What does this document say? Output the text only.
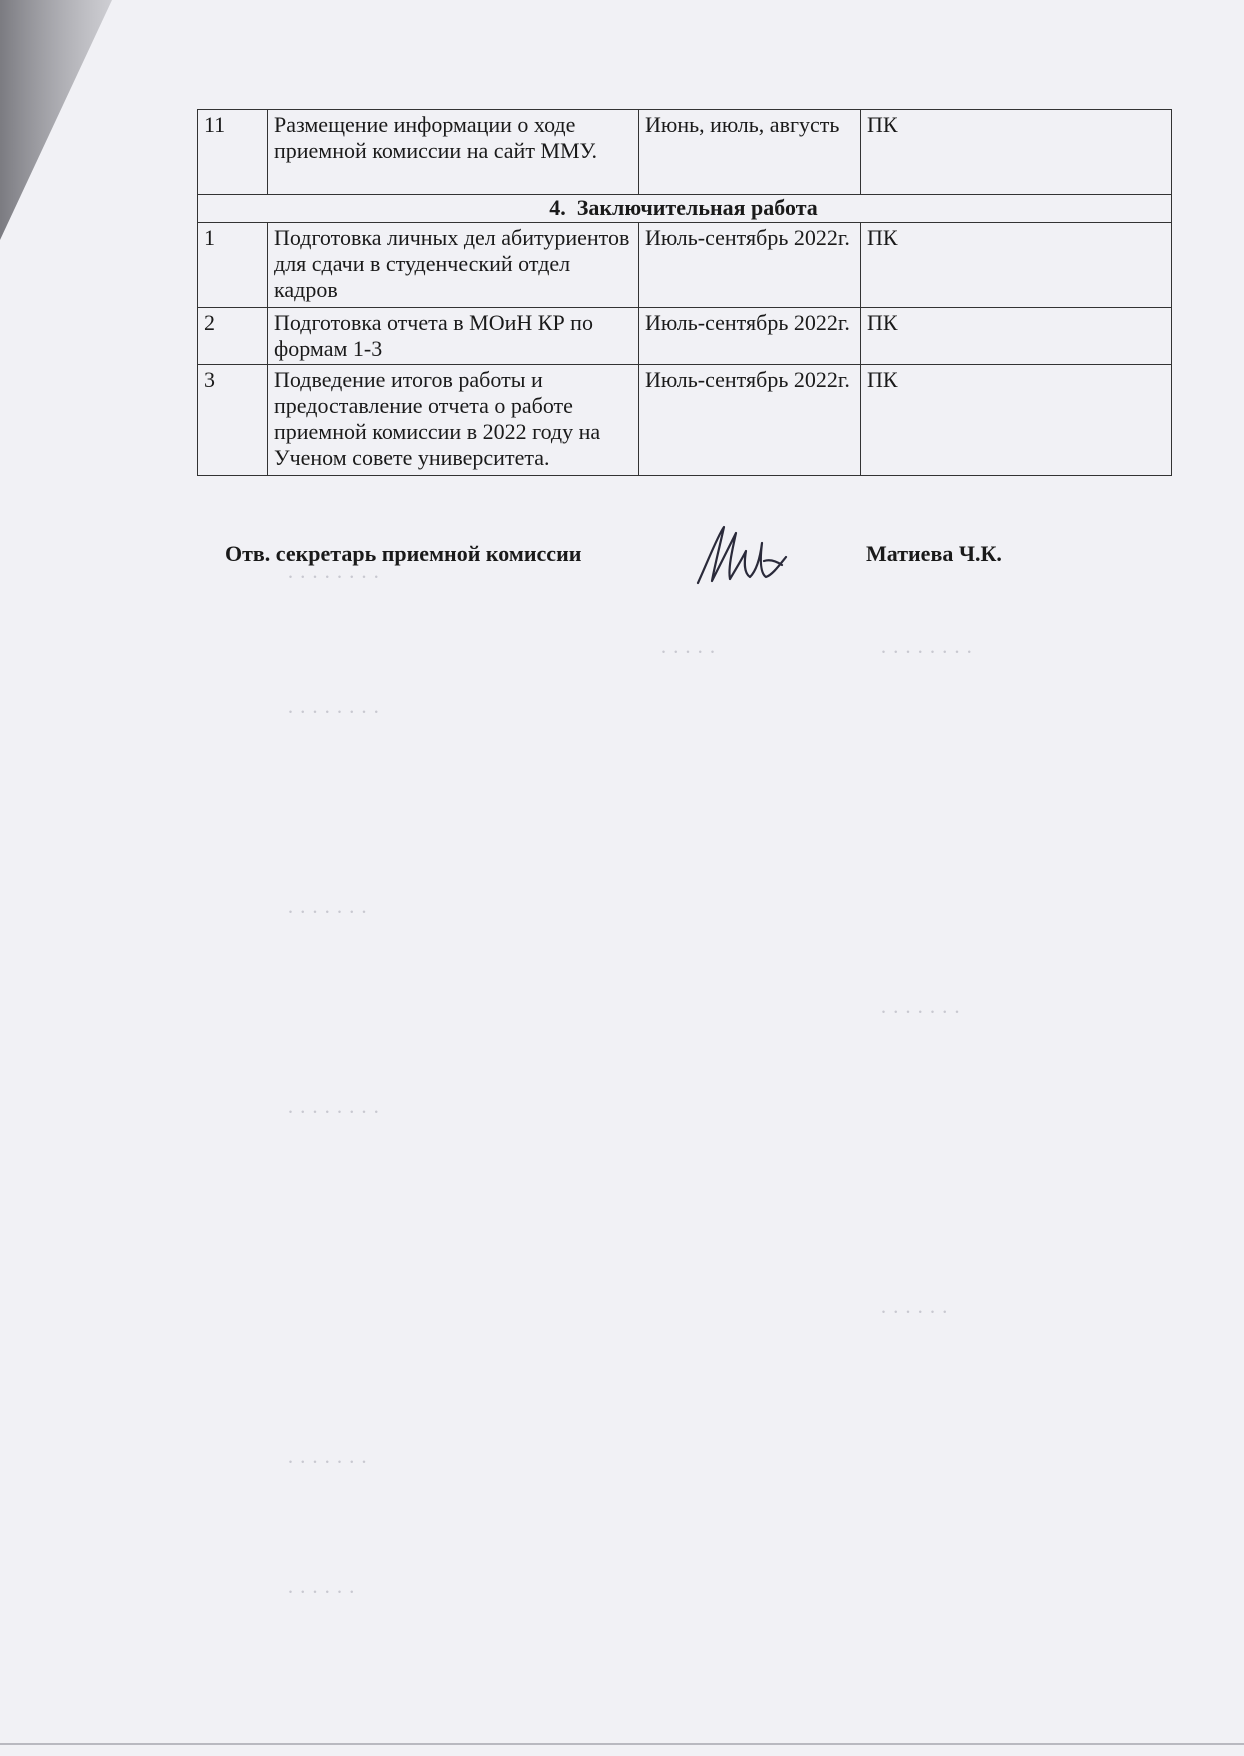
· · · · · · · ·
· · · · ·	· · · · · · · ·
· · · · · · · ·
· · · · · · ·
· · · · · · ·
· · · · · · · ·
· · · · · ·
· · · · · · ·
· · · · · ·
11	Размещение информации о ходе приемной комиссии на сайт ММУ.	Июнь, июль, августь	ПК
4. Заключительная работа			
1	Подготовка личных дел абитуриентов для сдачи в студенческий отдел кадров	Июль-сентябрь 2022г.	ПК
2	Подготовка отчета в МОиН КР по формам 1-3	Июль-сентябрь 2022г.	ПК
3	Подведение итогов работы и предоставление отчета о работе приемной комиссии в 2022 году на Ученом совете университета.	Июль-сентябрь 2022г.	ПК
Отв. секретарь приемной комиссии	Матиева Ч.К.
